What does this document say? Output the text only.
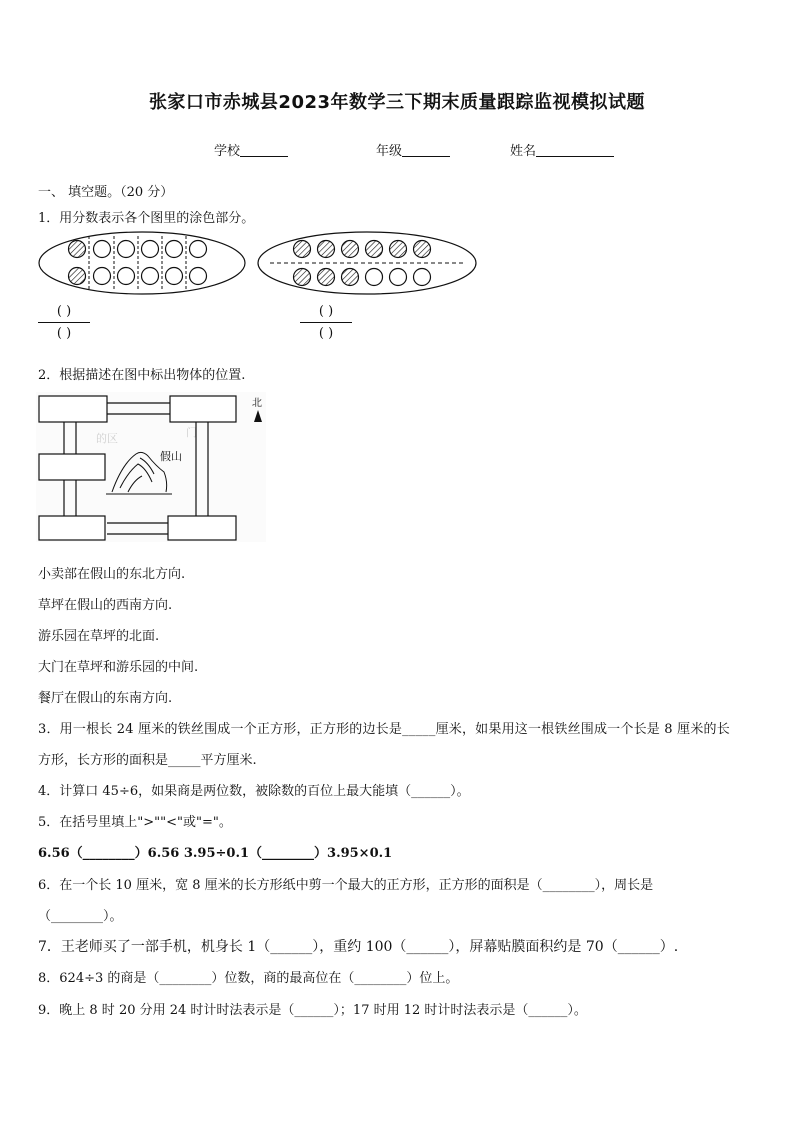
张家口市赤城县2023年数学三下期末质量跟踪监视模拟试题
学校	年级	姓名
一、 填空题。（20 分）
1．用分数表示各个图里的涂色部分。
( )
( )
( )
( )
2．根据描述在图中标出物体的位置.
的区	门
假山
北
小卖部在假山的东北方向.
草坪在假山的西南方向.
游乐园在草坪的北面.
大门在草坪和游乐园的中间.
餐厅在假山的东南方向.
3．用一根长 24 厘米的铁丝围成一个正方形，正方形的边长是_____厘米，如果用这一根铁丝围成一个长是 8 厘米的长
方形，长方形的面积是_____平方厘米.
4．计算口 45÷6，如果商是两位数，被除数的百位上最大能填（______）。
5．在括号里填上">""<"或"="。
6.56（________）6.56 3.95÷0.1（________）3.95×0.1
6．在一个长 10 厘米，宽 8 厘米的长方形纸中剪一个最大的正方形，正方形的面积是（________），周长是
（________）。
7．王老师买了一部手机，机身长 1（______），重约 100（______），屏幕贴膜面积约是 70（______）.
8．624÷3 的商是（________）位数，商的最高位在（________）位上。
9．晚上 8 时 20 分用 24 时计时法表示是（______）；17 时用 12 时计时法表示是（______）。
